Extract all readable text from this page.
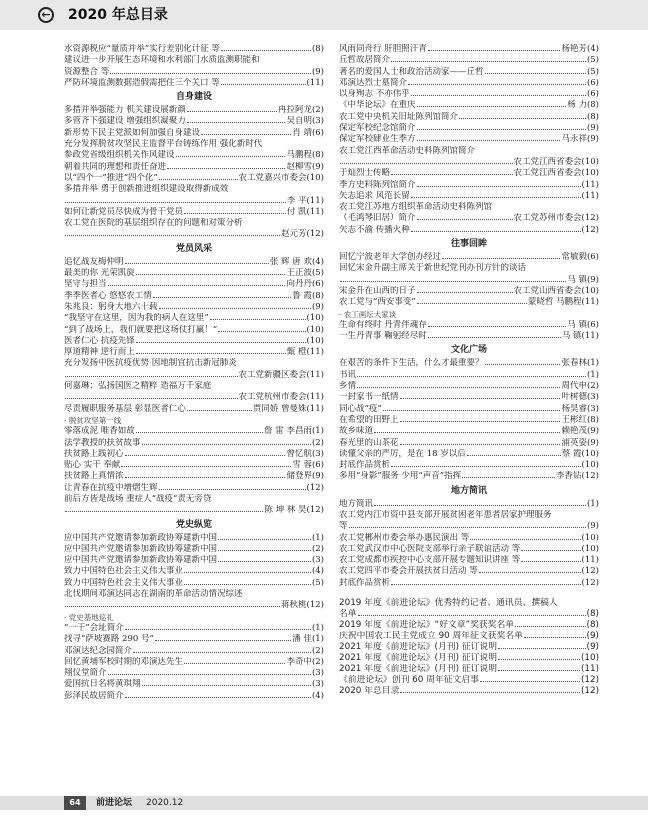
← 2020 年总目录
水资源税应“量质并举”实行差别化计征 等	(8)
建议进一步开展生态环境和水利部门水质监测职能和
资源整合 等	(9)
严防环境监测数据造假需把住三个关口 等	(11)
自身建设
多措并举强能力 机关建设展新颜	冉拉阿龙 (2)
多管齐下强建设 增强组织凝聚力	吴自明 (3)
新形势下民主党派如何加强自身建设	肖 靖 (6)
充分发挥脱贫攻坚民主监督平台铸练作用 强化新时代
参政党省级组织机关作风建设	马鹏程 (8)
朝着共同的理想和责任奋进	赵柳雪 (9)
以“四个一”推进“四个化”	农工党嘉兴市委会 (10)
多措并举 勇于创新推进组织建设取得新成效
李 平 (11)
如何让新党员尽快成为骨干党员	付 凯 (11)
农工党在医院的基层组织存在的问题和对策分析
赵元芳 (12)
党员风采
追忆战友梅仲明	张 辉 唐 欢 (4)
最美的你 光荣凯旋	王正波 (5)
坚守与担当	向丹丹 (6)
季季医者心 悠悠农工情	鲁 霞 (8)
朱兆良：躬身大地六十载	(9)
“我坚守在这里，因为我的病人在这里”	(10)
“到了战场上，我们就要把这场仗打赢！”	(10)
医者仁心 抗疫先锋	(10)
厚道精神 逆行而上	甄 橙 (11)
充分发扬中医抗疫优势 因地制宜抗击新冠肺炎
农工党新疆区委会 (11)
何嘉琳：弘扬国医之精粹 造福万千家庭
农工党杭州市委会 (11)
尽责履职服务基层 彰显医者仁心	贾同娇 曾曼姝 (11)
· 脱贫攻坚第一线
零落成泥 唯香如故	詹 雷 李昌雨 (1)
法学教授的扶贫故事	(2)
扶贫路上践初心	曾忆航 (3)
贴心 实干 奉献	雪 蓉 (6)
扶贫路上真情浓	储登界 (9)
让青春在抗疫中增熠生辉	(12)
前后方皆是战场 重症人“战疫”责无旁贷
陈 坤 林 昊 (12)
党史纵览
应中国共产党邀请参加新政协筹建新中国	(1)
应中国共产党邀请参加新政协筹建新中国	(2)
应中国共产党邀请参加新政协筹建新中国	(3)
致力中国特色社会主义伟大事业	(4)
致力中国特色社会主义伟大事业	(5)
北伐期间邓演达同志在湖南的革命活动情况综述
蒋秋桃 (12)
· 党史基地巡礼
“一干”会址简介	(1)
找寻“萨坡赛路 290 号”	潘 佳 (1)
邓演达纪念园简介	(2)
回忆黄埔军校时期的邓演达先生	李奇中 (2)
翔仪堂简介	(3)
爱国抗日名将黄琪翔	(3)
彭泽民故居简介	(4)
风雨同舟行 肝胆照汗青	杨艳芳 (4)
丘哲故居简介	(5)
著名的爱国人士和政治活动家——丘哲	(5)
邓演达烈士墓简介	(6)
以身殉志 不亦伟乎	(6)
《中华论坛》在重庆	杨 力 (8)
农工党中央机关旧址陈列馆简介	(8)
保定军校纪念馆简介	(9)
保定军校肄业生季方	马永祥 (9)
农工党江西革命活动史料陈列馆简介
农工党江西省委会 (10)
于灿烈士传略	农工党江西省委会 (10)
季方史料陈列馆简介	(11)
矢志追求 风范长留	(11)
农工党江苏地方组织革命活动史料陈列馆
（毛鸿琴旧居）简介	农工党苏州市委会 (12)
矢志不渝 传播火种	(12)
往事回眸
回忆宁波老年大学创办经过	常敏毅 (6)
回忆宋金升副主席关于新世纪党刊办刊方针的谈话
马 镇 (9)
宋金升在山西的日子	农工党山西省委会 (10)
农工党与“西安事变”	蒙晓哲 马鹏程 (11)
· 农工画坛大家谈
生命有终时 丹青伴魂存	马 镇 (6)
一生丹青事 鞠躬经尽时	马 镇 (11)
文化广场
在艰苦的条件下生活，什么才最重要？	张春林 (1)
书讯	(1)
乡情	周代申 (2)
一封家书一纸情	叶树德 (3)
同心战“疫”	杨昊睿 (3)
在希望的田野上	王彬红 (8)
故乡味道	赖艳茂 (9)
春光里的山茶花	浦英姿 (9)
读懂父亲的严厉，是在 18 岁以后	蔡 霞 (10)
封底作品赏析	(10)
多用“身影”服务 少用“声音”指挥	李香钻 (12)
地方简讯
地方简讯	(1)
农工党内江市资中县支部开展贫困老年患者居家护理服务
等	(9)
农工党郴州市委会举办惠民演出 等	(10)
农工党武汉市中心医院支部举行亲子联谊活动 等	(10)
农工党成都市疾控中心支部开展专题知识讲座 等	(11)
农工党四平市委会开展扶贫日活动 等	(12)
封底作品赏析	(12)
2019 年度《前进论坛》优秀特约记者、通讯员、撰稿人
名单	(8)
2019 年度《前进论坛》“好文章”奖获奖名单	(8)
庆祝中国农工民主党成立 90 周年征文获奖名单	(9)
2021 年度《前进论坛》(月刊) 征订说明	(9)
2021 年度《前进论坛》(月刊) 征订说明	(10)
2021 年度《前进论坛》(月刊) 征订说明	(11)
《前进论坛》创刊 60 周年征文启事	(12)
2020 年总目录	(12)
64	前进论坛 2020.12
